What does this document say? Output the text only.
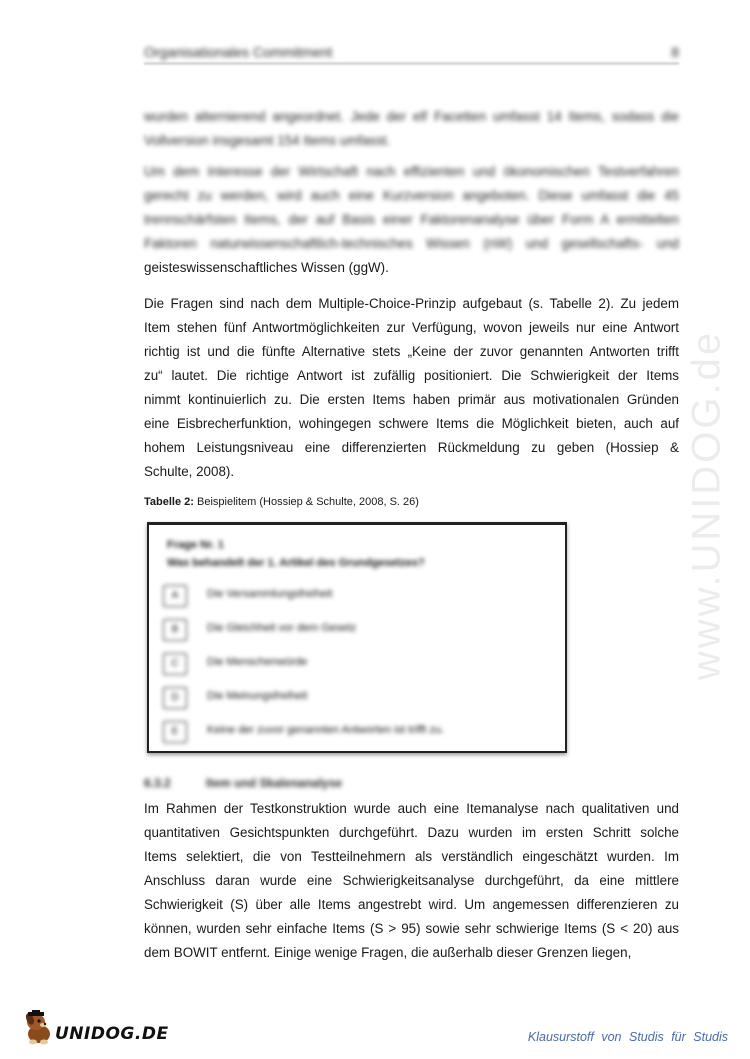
Organisationales Commitment	8
www.UNIDOG.de

wurden alternierend angeordnet. Jede der elf Facetten umfasst 14 Items, sodass die
Vollversion insgesamt 154 Items umfasst.

Um dem Interesse der Wirtschaft nach effizienten und ökonomischen Testverfahren
gerecht zu werden, wird auch eine Kurzversion angeboten. Diese umfasst die 45
trennschärfsten Items, der auf Basis einer Faktorenanalyse über Form A ermittelten
Faktoren naturwissenschaftlich-technisches Wissen (nW) und gesellschafts- und
geisteswissenschaftliches Wissen (ggW).

Die Fragen sind nach dem Multiple-Choice-Prinzip aufgebaut (s. Tabelle 2). Zu jedem
Item stehen fünf Antwortmöglichkeiten zur Verfügung, wovon jeweils nur eine Antwort
richtig ist und die fünfte Alternative stets „Keine der zuvor genannten Antworten trifft
zu“ lautet. Die richtige Antwort ist zufällig positioniert. Die Schwierigkeit der Items
nimmt kontinuierlich zu. Die ersten Items haben primär aus motivationalen Gründen
eine Eisbrecherfunktion, wohingegen schwere Items die Möglichkeit bieten, auch auf
hohem Leistungsniveau eine differenzierten Rückmeldung zu geben (Hossiep &
Schulte, 2008).

Tabelle 2: Beispielitem (Hossiep & Schulte, 2008, S. 26)
Frage Nr. 1
Was behandelt der 1. Artikel des Grundgesetzes?
A	Die Versammlungsfreiheit
B	Die Gleichheit vor dem Gesetz
C	Die Menschenwürde
D	Die Meinungsfreiheit
E	Keine der zuvor genannten Antworten ist trifft zu.
6.3.2	Item und Skalenanalyse

Im Rahmen der Testkonstruktion wurde auch eine Itemanalyse nach qualitativen und
quantitativen Gesichtspunkten durchgeführt. Dazu wurden im ersten Schritt solche
Items selektiert, die von Testteilnehmern als verständlich eingeschätzt wurden. Im
Anschluss daran wurde eine Schwierigkeitsanalyse durchgeführt, da eine mittlere
Schwierigkeit (S) über alle Items angestrebt wird. Um angemessen differenzieren zu
können, wurden sehr einfache Items (S > 95) sowie sehr schwierige Items (S < 20) aus
dem BOWIT entfernt. Einige wenige Fragen, die außerhalb dieser Grenzen liegen,

UNIDOG.DE	Klausurstoff von Studis für Studis
